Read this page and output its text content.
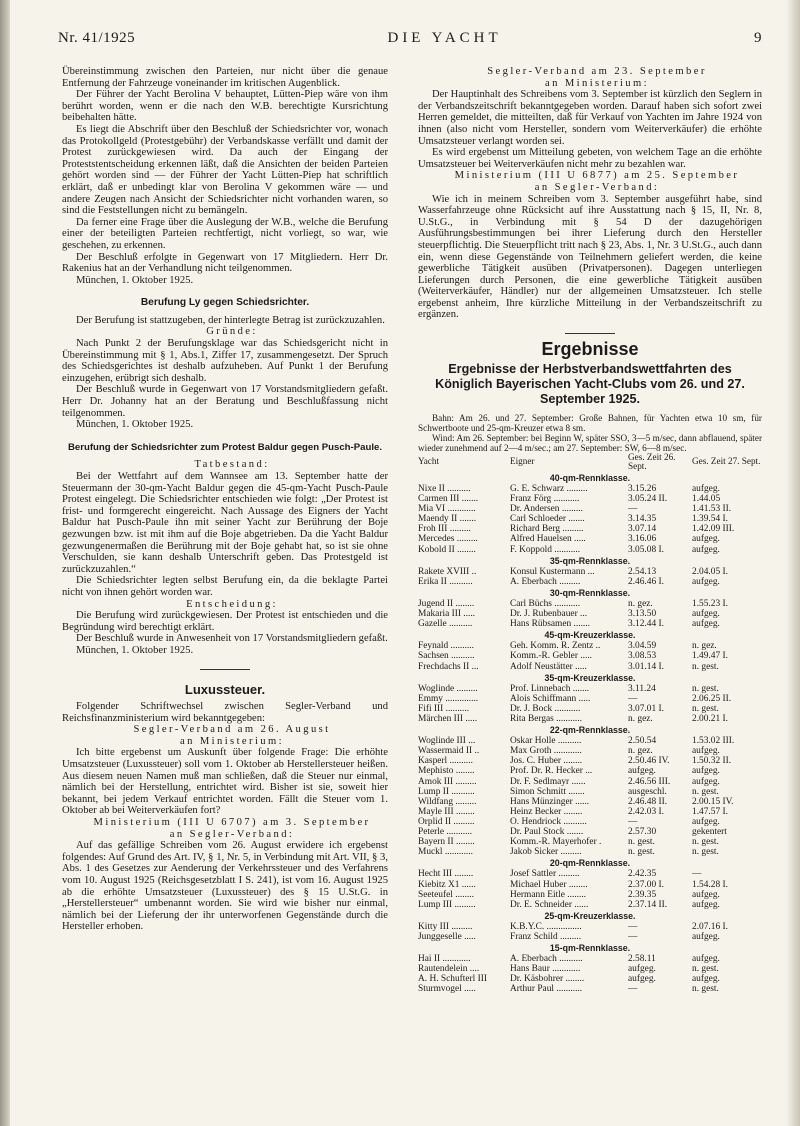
Nr. 41/1925	DIE YACHT	9

Übereinstimmung zwischen den Parteien, nur nicht über die genaue Entfernung der Fahrzeuge voneinander im kritischen Augenblick.

Der Führer der Yacht Berolina V behauptet, Lütten-Piep wäre von ihm berührt worden, wenn er die nach den W.B. berechtigte Kursrichtung beibehalten hätte.

Es liegt die Abschrift über den Beschluß der Schiedsrichter vor, wonach das Protokollgeld (Protestgebühr) der Verbandskasse verfällt und damit der Protest zurückgewiesen wird. Da auch der Eingang der Proteststentscheidung erkennen läßt, daß die Ansichten der beiden Parteien gehört worden sind — der Führer der Yacht Lütten-Piep hat schriftlich erklärt, daß er unbedingt klar von Berolina V gekommen wäre — und andere Zeugen nach Ansicht der Schiedsrichter nicht vorhanden waren, so sind die Feststellungen nicht zu bemängeln.

Da ferner eine Frage über die Auslegung der W.B., welche die Berufung einer der beteiligten Parteien rechtfertigt, nicht vorliegt, so war, wie geschehen, zu erkennen.

Der Beschluß erfolgte in Gegenwart von 17 Mitgliedern. Herr Dr. Rakenius hat an der Verhandlung nicht teilgenommen.

München, 1. Oktober 1925.

Berufung Ly gegen Schiedsrichter.

Der Berufung ist stattzugeben, der hinterlegte Betrag ist zurückzuzahlen.

Gründe:

Nach Punkt 2 der Berufungsklage war das Schiedsgericht nicht in Übereinstimmung mit § 1, Abs.1, Ziffer 17, zusammengesetzt. Der Spruch des Schiedsgerichtes ist deshalb aufzuheben. Auf Punkt 1 der Berufung einzugehen, erübrigt sich deshalb.

Der Beschluß wurde in Gegenwart von 17 Vorstandsmitgliedern gefaßt. Herr Dr. Johanny hat an der Beratung und Beschlußfassung nicht teilgenommen.

München, 1. Oktober 1925.

Berufung der Schiedsrichter zum Protest Baldur gegen Pusch-Paule.

Tatbestand:

Bei der Wettfahrt auf dem Wannsee am 13. September hatte der Steuermann der 30-qm-Yacht Baldur gegen die 45-qm-Yacht Pusch-Paule Protest eingelegt. Die Schiedsrichter entschieden wie folgt: „Der Protest ist frist- und formgerecht eingereicht. Nach Aussage des Eigners der Yacht Baldur hat Pusch-Paule ihn mit seiner Yacht zur Berührung der Boje gezwungen bzw. ist mit ihm auf die Boje abgetrieben. Da die Yacht Baldur gezwungenermaßen die Berührung mit der Boje gehabt hat, so ist sie ohne Verschulden, sie kann deshalb Unterschrift geben. Das Protestgeld ist zurückzuzahlen.“

Die Schiedsrichter legten selbst Berufung ein, da die beklagte Partei nicht von ihnen gehört worden war.

Entscheidung:

Die Berufung wird zurückgewiesen. Der Protest ist entschieden und die Begründung wird berechtigt erklärt.

Der Beschluß wurde in Anwesenheit von 17 Vorstandsmitgliedern gefaßt.

München, 1. Oktober 1925.

Luxussteuer.

Folgender Schriftwechsel zwischen Segler-Verband und Reichsfinanzministerium wird bekanntgegeben:

Segler-Verband am 26. August

an Ministerium:

Ich bitte ergebenst um Auskunft über folgende Frage: Die erhöhte Umsatzsteuer (Luxussteuer) soll vom 1. Oktober ab Herstellersteuer heißen. Aus diesem neuen Namen muß man schließen, daß die Steuer nur einmal, nämlich bei der Herstellung, entrichtet wird. Bisher ist sie, soweit hier bekannt, bei jedem Verkauf entrichtet worden. Fällt die Steuer vom 1. Oktober ab bei Weiterverkäufen fort?

Ministerium (III U 6707) am 3. September

an Segler-Verband:

Auf das gefällige Schreiben vom 26. August erwidere ich ergebenst folgendes: Auf Grund des Art. IV, § 1, Nr. 5, in Verbindung mit Art. VII, § 3, Abs. 1 des Gesetzes zur Aenderung der Verkehrssteuer und des Verfahrens vom 10. August 1925 (Reichsgesetzblatt I S. 241), ist vom 16. August 1925 ab die erhöhte Umsatzsteuer (Luxussteuer) des § 15 U.St.G. in „Herstellersteuer“ umbenannt worden. Sie wird wie bisher nur einmal, nämlich bei der Lieferung der ihr unterworfenen Gegenstände durch die Hersteller erhoben.

Segler-Verband am 23. September

an Ministerium:

Der Hauptinhalt des Schreibens vom 3. September ist kürzlich den Seglern in der Verbandszeitschrift bekanntgegeben worden. Darauf haben sich sofort zwei Herren gemeldet, die mitteilten, daß für Verkauf von Yachten im Jahre 1924 von ihnen (also nicht vom Hersteller, sondern vom Weiterverkäufer) die erhöhte Umsatzsteuer verlangt worden sei.

Es wird ergebenst um Mitteilung gebeten, von welchem Tage an die erhöhte Umsatzsteuer bei Weiterverkäufen nicht mehr zu bezahlen war.

Ministerium (III U 6877) am 25. September

an Segler-Verband:

Wie ich in meinem Schreiben vom 3. September ausgeführt habe, sind Wasserfahrzeuge ohne Rücksicht auf ihre Ausstattung nach § 15, II, Nr. 8, U.St.G., in Verbindung mit § 54 D der dazugehörigen Ausführungsbestimmungen bei ihrer Lieferung durch den Hersteller steuerpflichtig. Die Steuerpflicht tritt nach § 23, Abs. 1, Nr. 3 U.St.G., auch dann ein, wenn diese Gegenstände von Teilnehmern geliefert werden, die keine gewerbliche Tätigkeit ausüben (Privatpersonen). Dagegen unterliegen Lieferungen durch Personen, die eine gewerbliche Tätigkeit ausüben (Weiterverkäufer, Händler) nur der allgemeinen Umsatzsteuer. Ich stelle ergebenst anheim, Ihre kürzliche Mitteilung in der Verbandszeitschrift zu ergänzen.

Ergebnisse
Ergebnisse der Herbstverbandswettfahrten des Königlich Bayerischen Yacht-Clubs vom 26. und 27. September 1925.

Bahn: Am 26. und 27. September: Große Bahnen, für Yachten etwa 10 sm, für Schwertboote und 25-qm-Kreuzer etwa 8 sm.

Wind: Am 26. September: bei Beginn W, später SSO, 3—5 m/sec, dann abflauend, später wieder zunehmend auf 2—4 m/sec.; am 27. September: SW, 6—8 m/sec.

Yacht	Eigner	Ges. Zeit 26. Sept.	Ges. Zeit 27. Sept.
40-qm-Rennklasse.			
Nixe II ..........	G. E. Schwarz .........	3.15.26	aufgeg.
Carmen III .......	Franz Förg ...........	3.05.24 II.	1.44.05
Mia VI ............	Dr. Andersen .........	—	1.41.53 II.
Maendy II .......	Carl Schloeder .......	3.14.35	1.39.54 I.
Froh III .........	Richard Berg .........	3.07.14	1.42.09 III.
Mercedes .........	Alfred Hauelsen .....	3.16.06	aufgeg.
Kobold II ........	F. Koppold ...........	3.05.08 I.	aufgeg.
35-qm-Rennklasse.			
Rakete XVIII ..	Konsul Kustermann ...	2.54.13	2.04.05 I.
Erika II ..........	A. Eberbach .........	2.46.46 I.	aufgeg.
30-qm-Rennklasse.			
Jugend II ........	Carl Büchs ...........	n. gez.	1.55.23 I.
Makaria III .....	Dr. J. Rubenbauer ...	3.13.50	aufgeg.
Gazelle ..........	Hans Rübsamen .......	3.12.44 I.	aufgeg.
45-qm-Kreuzerklasse.			
Feynald ..........	Geh. Komm. R. Zentz ..	3.04.59	n. gez.
Sachsen ..........	Komm.-R. Gebler .....	3.08.53	1.49.47 I.
Frechdachs II ...	Adolf Neustätter .....	3.01.14 I.	n. gest.
35-qm-Kreuzerklasse.			
Woglinde .........	Prof. Linnebach .......	3.11.24	n. gest.
Emmy ..............	Alois Schiffmann .....	—	2.06.25 II.
Fifi III ..........	Dr. J. Bock ...........	3.07.01 I.	n. gest.
Märchen III .....	Rita Bergas ...........	n. gez.	2.00.21 I.
22-qm-Rennklasse.			
Woglinde III ...	Oskar Holle ..........	2.50.54	1.53.02 III.
Wassermaid II ..	Max Groth ............	n. gez.	aufgeg.
Kasperl ..........	Jos. C. Huber ........	2.50.46 IV.	1.50.32 II.
Mephisto ........	Prof. Dr. R. Hecker ...	aufgeg.	aufgeg.
Amok III .........	Dr. F. Sedlmayr ......	2.46.56 III.	aufgeg.
Lump II ..........	Simon Schmitt .......	ausgeschl.	n. gest.
Wildfang .........	Hans Münzinger ......	2.46.48 II.	2.00.15 IV.
Mayle III ........	Heinz Becker ........	2.42.03 I.	1.47.57 I.
Orplid II .........	O. Hendriock ..........	—	aufgeg.
Peterle ...........	Dr. Paul Stock .......	2.57.30	gekentert
Bayern II ........	Komm.-R. Mayerhofer .	n. gest.	n. gest.
Muckl ............	Jakob Sicker .........	n. gest.	n. gest.
20-qm-Rennklasse.			
Hecht III ........	Josef Sattler .........	2.42.35	—
Kiebitz X1 ......	Michael Huber ........	2.37.00 I.	1.54.28 I.
Seeteufel ........	Hermann Eitle ........	2.39.35	aufgeg.
Lump III .........	Dr. E. Schneider ......	2.37.14 II.	aufgeg.
25-qm-Kreuzerklasse.			
Kitty III .........	K.B.Y.C. ...............	—	2.07.16 I.
Junggeselle .....	Franz Schild .........	—	aufgeg.
15-qm-Rennklasse.			
Hai II ............	A. Eberbach ..........	2.58.11	aufgeg.
Rautendelein ....	Hans Baur ............	aufgeg.	n. gest.
A. H. Schufterl III	Dr. Käsbohrer ........	aufgeg.	aufgeg.
Sturmvogel .....	Arthur Paul ...........	—	n. gest.
